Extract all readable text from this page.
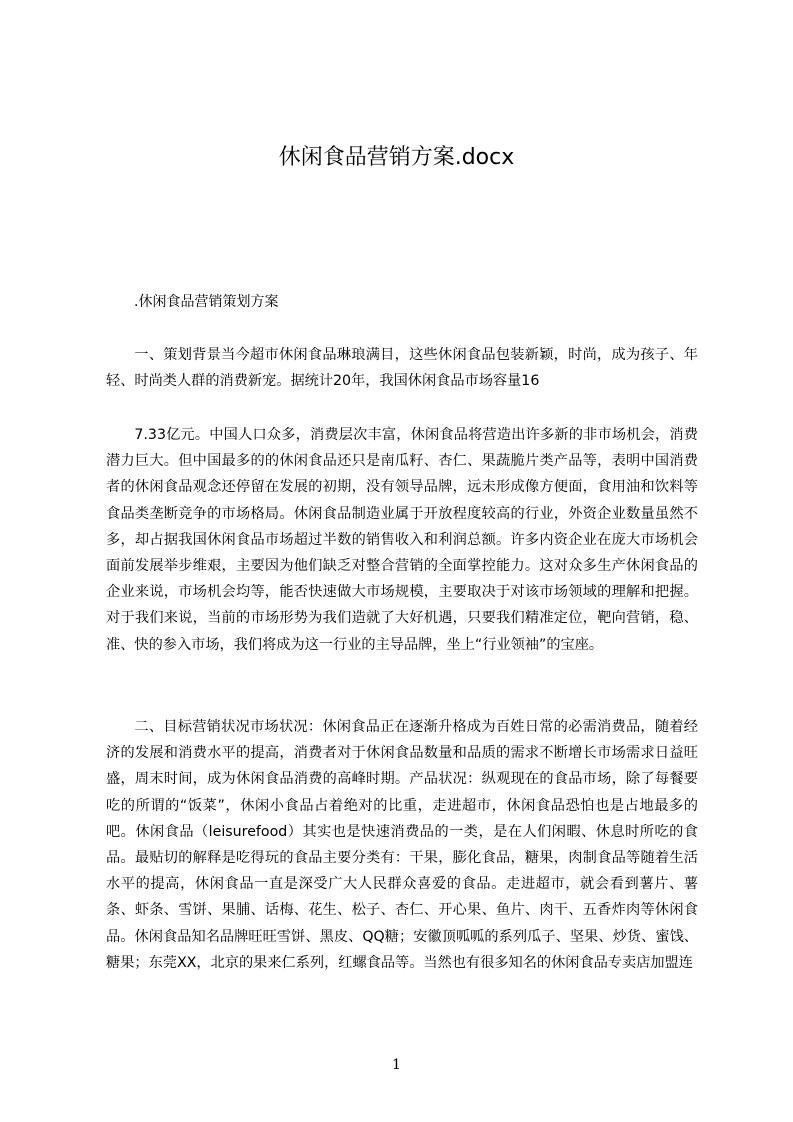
休闲食品营销方案.docx

.休闲食品营销策划方案

一、策划背景当今超市休闲食品琳琅满目，这些休闲食品包装新颖，时尚，成为孩子、年轻、时尚类人群的消费新宠。据统计20年，我国休闲食品市场容量16

7.33亿元。中国人口众多，消费层次丰富，休闲食品将营造出许多新的非市场机会，消费潜力巨大。但中国最多的的休闲食品还只是南瓜籽、杏仁、果蔬脆片类产品等，表明中国消费者的休闲食品观念还停留在发展的初期，没有领导品牌，远未形成像方便面，食用油和饮料等食品类垄断竞争的市场格局。休闲食品制造业属于开放程度较高的行业，外资企业数量虽然不多，却占据我国休闲食品市场超过半数的销售收入和利润总额。许多内资企业在庞大市场机会面前发展举步维艰，主要因为他们缺乏对整合营销的全面掌控能力。这对众多生产休闲食品的企业来说，市场机会均等，能否快速做大市场规模，主要取决于对该市场领域的理解和把握。对于我们来说，当前的市场形势为我们造就了大好机遇，只要我们精准定位，靶向营销，稳、准、快的参入市场，我们将成为这一行业的主导品牌，坐上“行业领袖”的宝座。

二、目标营销状况市场状况：休闲食品正在逐渐升格成为百姓日常的必需消费品，随着经济的发展和消费水平的提高，消费者对于休闲食品数量和品质的需求不断增长市场需求日益旺盛，周末时间，成为休闲食品消费的高峰时期。产品状况：纵观现在的食品市场，除了每餐要吃的所谓的“饭菜”，休闲小食品占着绝对的比重，走进超市，休闲食品恐怕也是占地最多的吧。休闲食品（leisurefood）其实也是快速消费品的一类，是在人们闲暇、休息时所吃的食品。最贴切的解释是吃得玩的食品主要分类有：干果，膨化食品，糖果，肉制食品等随着生活水平的提高，休闲食品一直是深受广大人民群众喜爱的食品。走进超市，就会看到薯片、薯条、虾条、雪饼、果脯、话梅、花生、松子、杏仁、开心果、鱼片、肉干、五香炸肉等休闲食品。休闲食品知名品牌旺旺雪饼、黑皮、QQ糖；安徽顶呱呱的系列瓜子、坚果、炒货、蜜饯、糖果；东莞XX，北京的果来仁系列，红螺食品等。当然也有很多知名的休闲食品专卖店加盟连

1
